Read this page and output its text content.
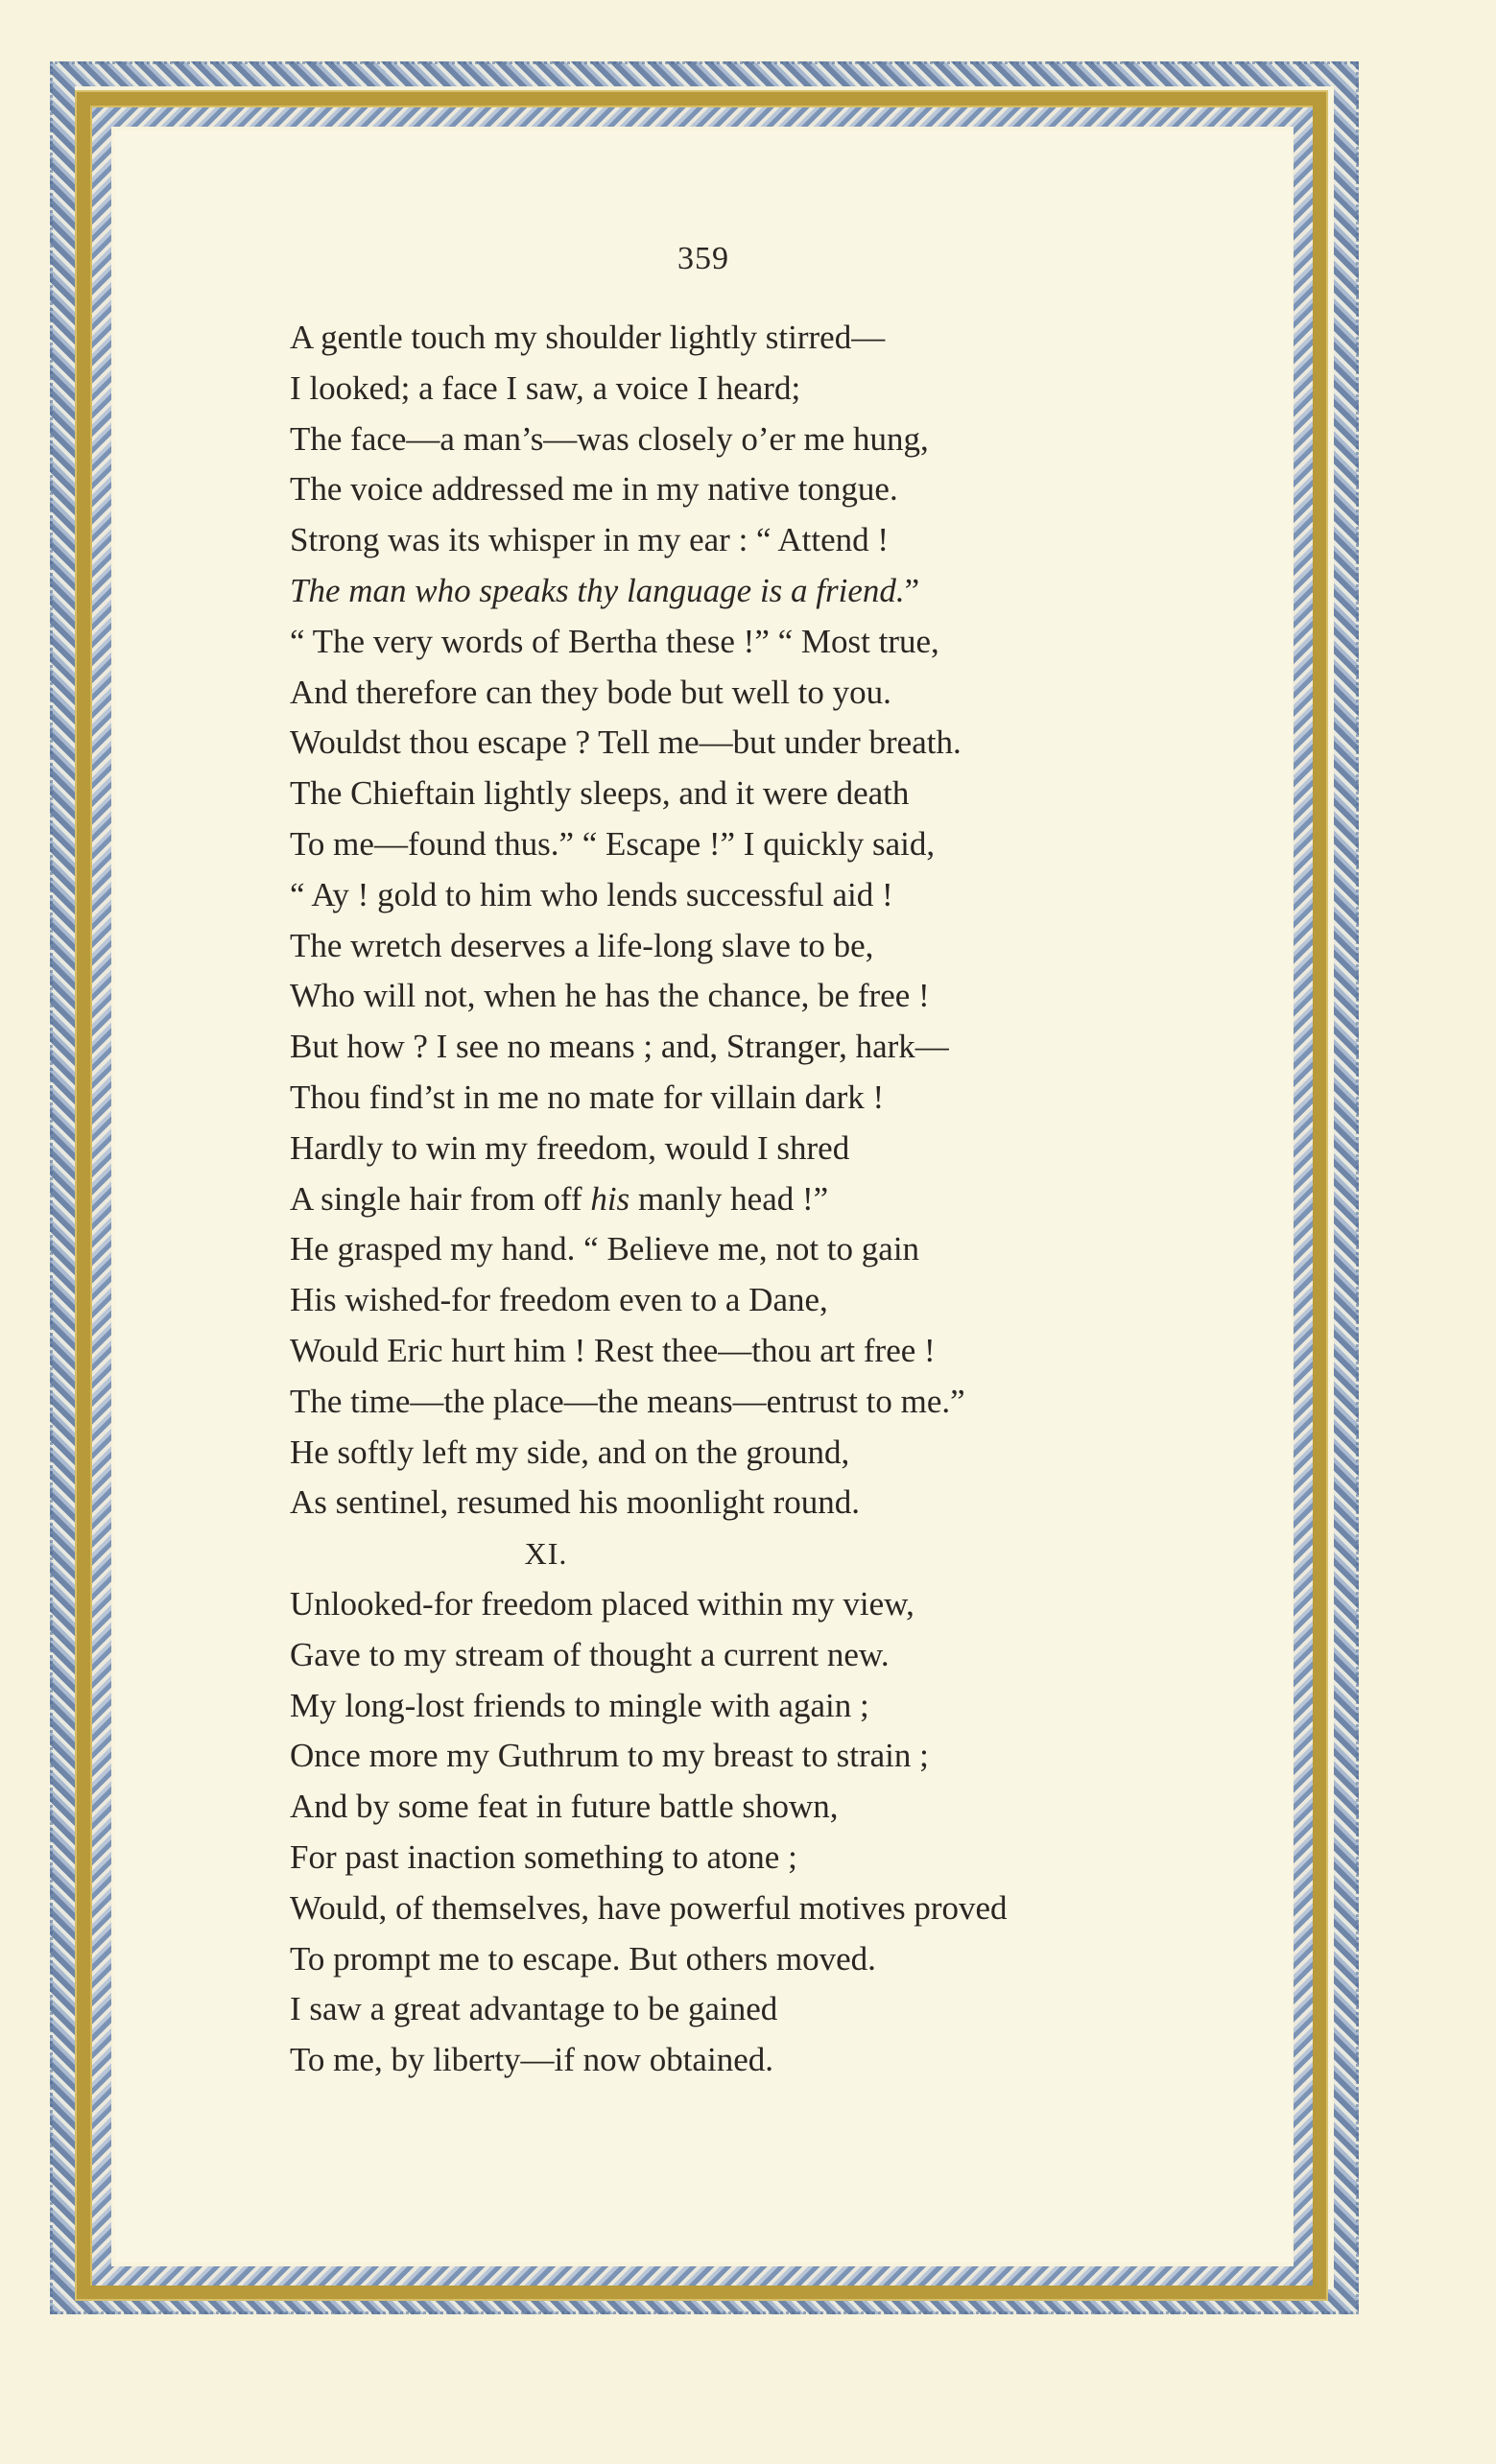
359
A gentle touch my shoulder lightly stirred—
I looked; a face I saw, a voice I heard;
The face—a man’s—was closely o’er me hung,
The voice addressed me in my native tongue.
Strong was its whisper in my ear : “ Attend !
The man who speaks thy language is a friend.”
“ The very words of Bertha these !” “ Most true,
And therefore can they bode but well to you.
Wouldst thou escape ? Tell me—but under breath.
The Chieftain lightly sleeps, and it were death
To me—found thus.” “ Escape !” I quickly said,
“ Ay ! gold to him who lends successful aid !
The wretch deserves a life-long slave to be,
Who will not, when he has the chance, be free !
But how ? I see no means ; and, Stranger, hark—
Thou find’st in me no mate for villain dark !
Hardly to win my freedom, would I shred
A single hair from off his manly head !”
He grasped my hand. “ Believe me, not to gain
His wished-for freedom even to a Dane,
Would Eric hurt him ! Rest thee—thou art free !
The time—the place—the means—entrust to me.”
He softly left my side, and on the ground,
As sentinel, resumed his moonlight round.
XI.
Unlooked-for freedom placed within my view,
Gave to my stream of thought a current new.
My long-lost friends to mingle with again ;
Once more my Guthrum to my breast to strain ;
And by some feat in future battle shown,
For past inaction something to atone ;
Would, of themselves, have powerful motives proved
To prompt me to escape. But others moved.
I saw a great advantage to be gained
To me, by liberty—if now obtained.
